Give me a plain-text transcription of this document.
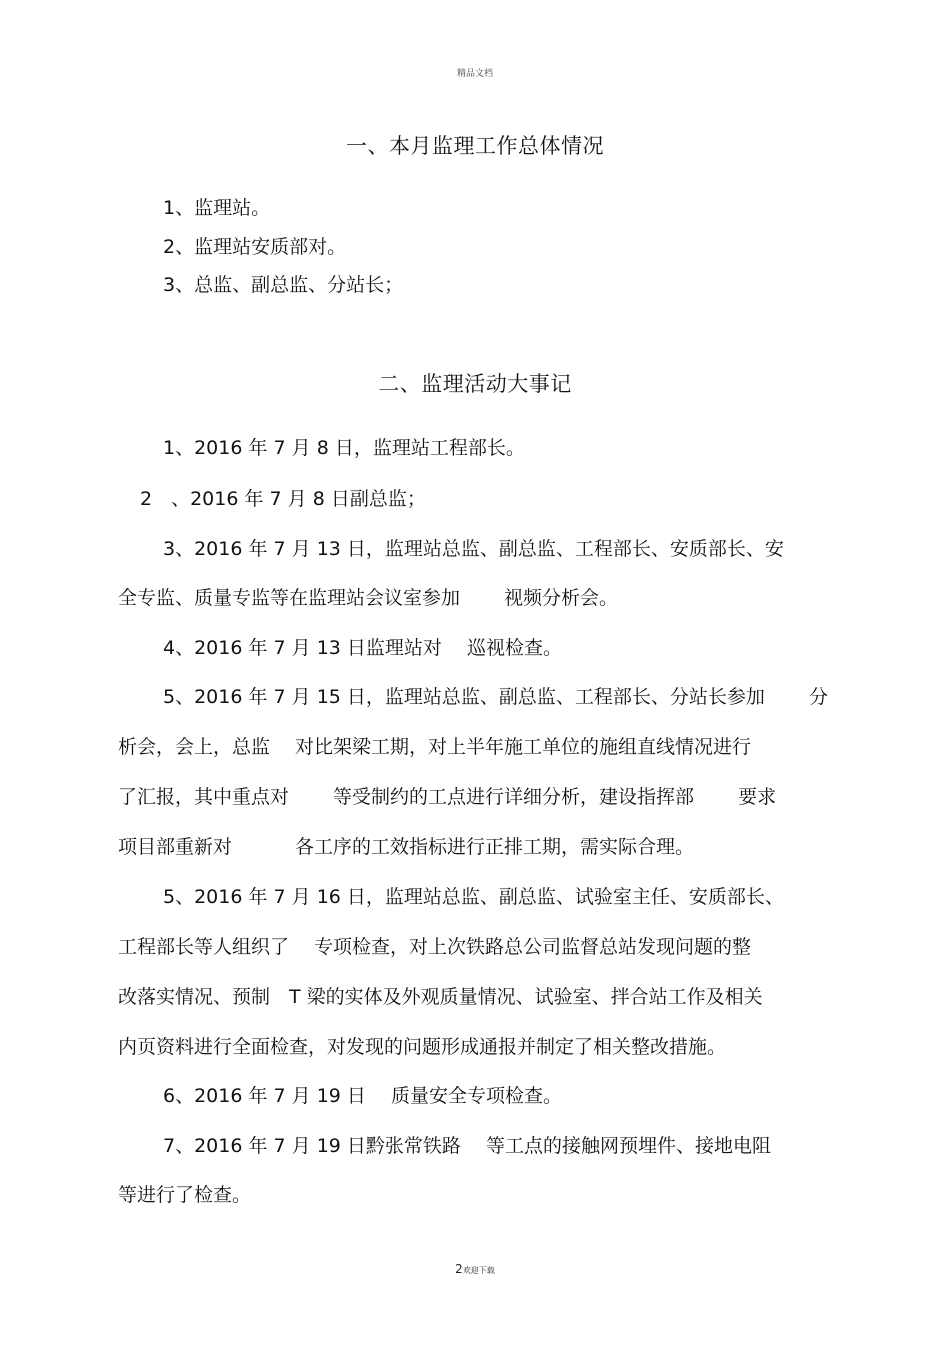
精品文档
一、本月监理工作总体情况
1、监理站。
2、监理站安质部对。
3、总监、副总监、分站长；
二、监理活动大事记
1、2016 年 7 月 8 日，监理站工程部长。
2　、2016 年 7 月 8 日副总监；
3、2016 年 7 月 13 日，监理站总监、副总监、工程部长、安质部长、安
全专监、质量专监等在监理站会议室参加　　 视频分析会。
4、2016 年 7 月 13 日监理站对　 巡视检查。
5、2016 年 7 月 15 日，监理站总监、副总监、工程部长、分站长参加　　 分
析会，会上，总监　 对比架梁工期，对上半年施工单位的施组直线情况进行
了汇报，其中重点对　　 等受制约的工点进行详细分析，建设指挥部　　 要求
项目部重新对　　　 各工序的工效指标进行正排工期，需实际合理。
5、2016 年 7 月 16 日，监理站总监、副总监、试验室主任、安质部长、
工程部长等人组织了　 专项检查，对上次铁路总公司监督总站发现问题的整
改落实情况、预制　T 梁的实体及外观质量情况、试验室、拌合站工作及相关
内页资料进行全面检查，对发现的问题形成通报并制定了相关整改措施。
6、2016 年 7 月 19 日　 质量安全专项检查。
7、2016 年 7 月 19 日黔张常铁路　 等工点的接触网预埋件、接地电阻
等进行了检查。
2欢迎下载
